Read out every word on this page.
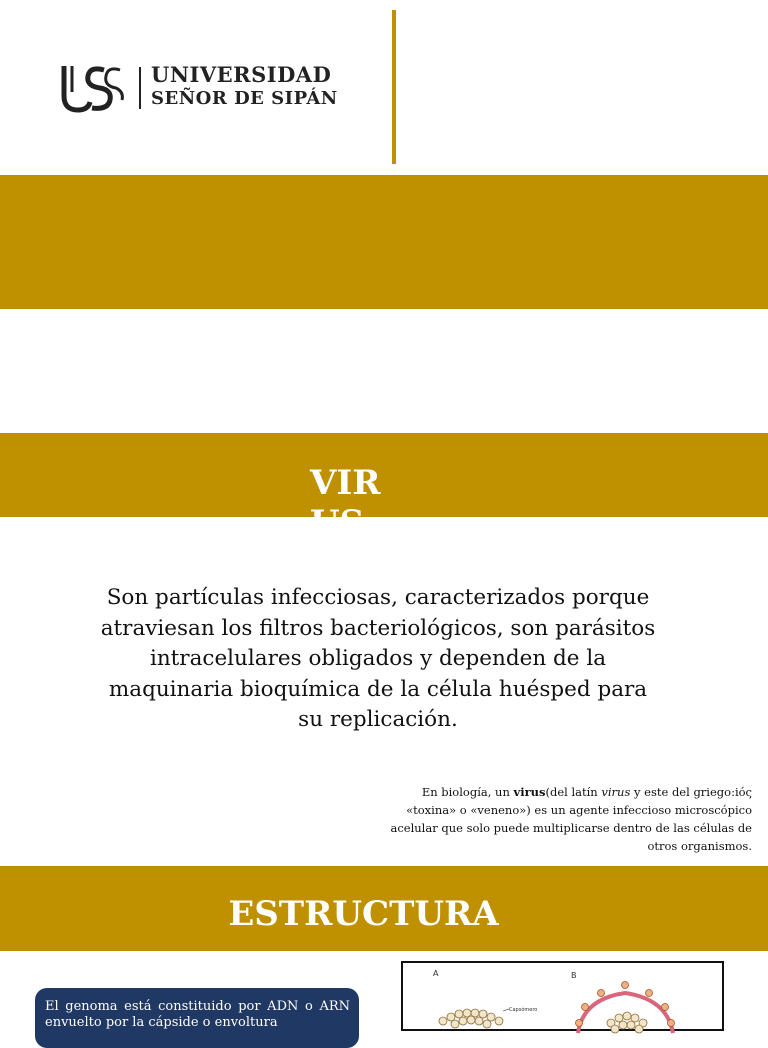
UNIVERSIDAD
SEÑOR DE SIPÁN
VIRUS
Son partículas infecciosas, caracterizados porque atraviesan los filtros bacteriológicos, son parásitos intracelulares obligados y dependen de la maquinaria bioquímica de la célula huésped para su replicación.
En biología, un virus(del latín virus y este del griego:ióς «toxina» o «veneno») es un agente infeccioso microscópico acelular que solo puede multiplicarse dentro de las células de otros organismos.
ESTRUCTURA
El genoma está constituido por ADN o ARN envuelto por la cápside o envoltura
A	B
Capsómero
